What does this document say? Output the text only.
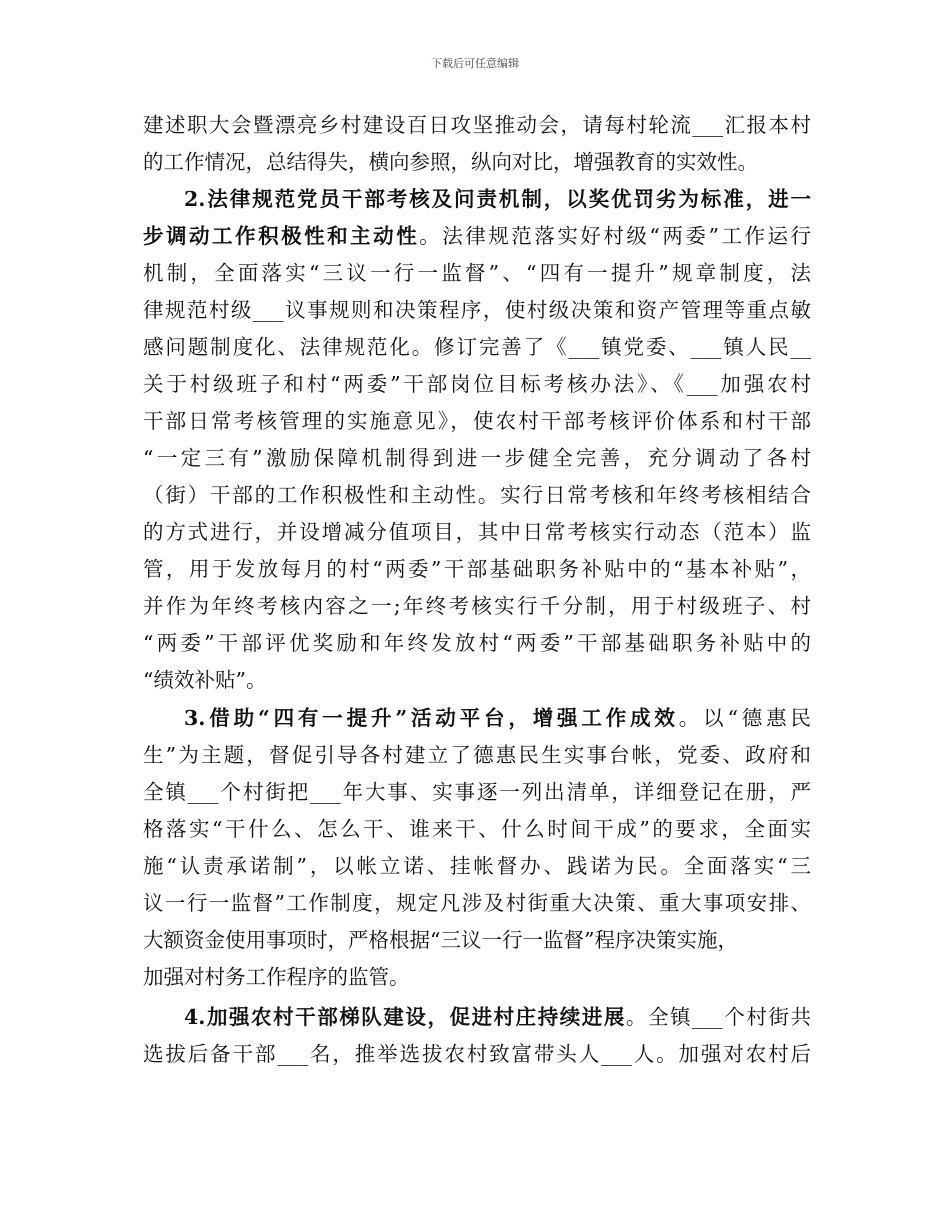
下载后可任意编辑
建述职大会暨漂亮乡村建设百日攻坚推动会，请每村轮流___汇报本村
的工作情况，总结得失，横向参照，纵向对比，增强教育的实效性。
2.法律规范党员干部考核及问责机制，以奖优罚劣为标准，进一
步调动工作积极性和主动性。法律规范落实好村级“两委”工作运行
机制，全面落实“三议一行一监督”、“四有一提升”规章制度，法
律规范村级___议事规则和决策程序，使村级决策和资产管理等重点敏
感问题制度化、法律规范化。修订完善了《___镇党委、___镇人民__
关于村级班子和村“两委”干部岗位目标考核办法》、《___加强农村
干部日常考核管理的实施意见》，使农村干部考核评价体系和村干部
“一定三有”激励保障机制得到进一步健全完善，充分调动了各村
（街）干部的工作积极性和主动性。实行日常考核和年终考核相结合
的方式进行，并设增减分值项目，其中日常考核实行动态（范本）监
管，用于发放每月的村“两委”干部基础职务补贴中的“基本补贴”，
并作为年终考核内容之一;年终考核实行千分制，用于村级班子、村
“两委”干部评优奖励和年终发放村“两委”干部基础职务补贴中的
“绩效补贴”。
3.借助“四有一提升”活动平台，增强工作成效。以“德惠民
生”为主题，督促引导各村建立了德惠民生实事台帐，党委、政府和
全镇___个村街把___年大事、实事逐一列出清单，详细登记在册，严
格落实“干什么、怎么干、谁来干、什么时间干成”的要求，全面实
施“认责承诺制”，以帐立诺、挂帐督办、践诺为民。全面落实“三
议一行一监督”工作制度，规定凡涉及村街重大决策、重大事项安排、
大额资金使用事项时，严格根据“三议一行一监督”程序决策实施，
加强对村务工作程序的监管。
4.加强农村干部梯队建设，促进村庄持续进展。全镇___个村街共
选拔后备干部___名，推举选拔农村致富带头人___人。加强对农村后
